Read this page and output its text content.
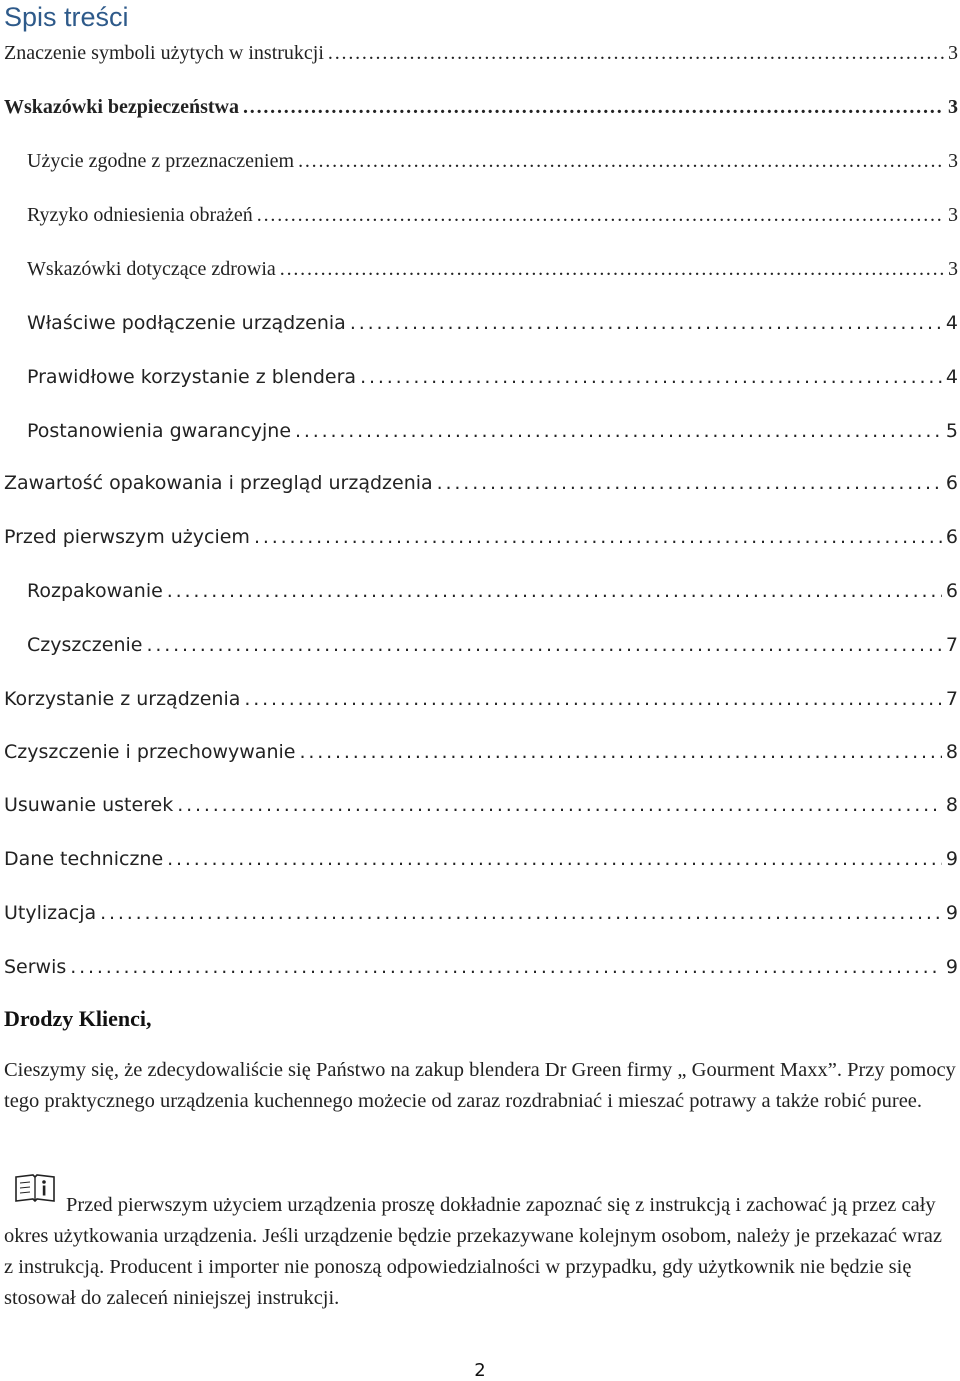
Spis treści
Znaczenie symboli użytych w instrukcji . . .	3
Wskazówki bezpieczeństwa . . .	3
Użycie zgodne z przeznaczeniem . . .	3
Ryzyko odniesienia obrażeń . . .	3
Wskazówki dotyczące zdrowia . . .	3
Właściwe podłączenie urządzenia . . .	4
Prawidłowe korzystanie z blendera . . .	4
Postanowienia gwarancyjne . . .	5
Zawartość opakowania i przegląd urządzenia . . .	6
Przed pierwszym użyciem . . .	6
Rozpakowanie . . .	6
Czyszczenie . . .	7
Korzystanie z urządzenia . . .	7
Czyszczenie i przechowywanie . . .	8
Usuwanie usterek . . .	8
Dane techniczne . . .	9
Utylizacja . . .	9
Serwis . . .	9
Drodzy Klienci,
Cieszymy się, że zdecydowaliście się Państwo na zakup blendera Dr Green firmy „ Gourment Maxx”. Przy pomocy tego praktycznego urządzenia kuchennego możecie od zaraz rozdrabniać i mieszać potrawy a także robić puree.
Przed pierwszym użyciem urządzenia proszę dokładnie zapoznać się z instrukcją i zachować ją przez cały okres użytkowania urządzenia. Jeśli urządzenie będzie przekazywane kolejnym osobom, należy je przekazać wraz z instrukcją. Producent i importer nie ponoszą odpowiedzialności w przypadku, gdy użytkownik nie będzie się stosował do zaleceń niniejszej instrukcji.
2
